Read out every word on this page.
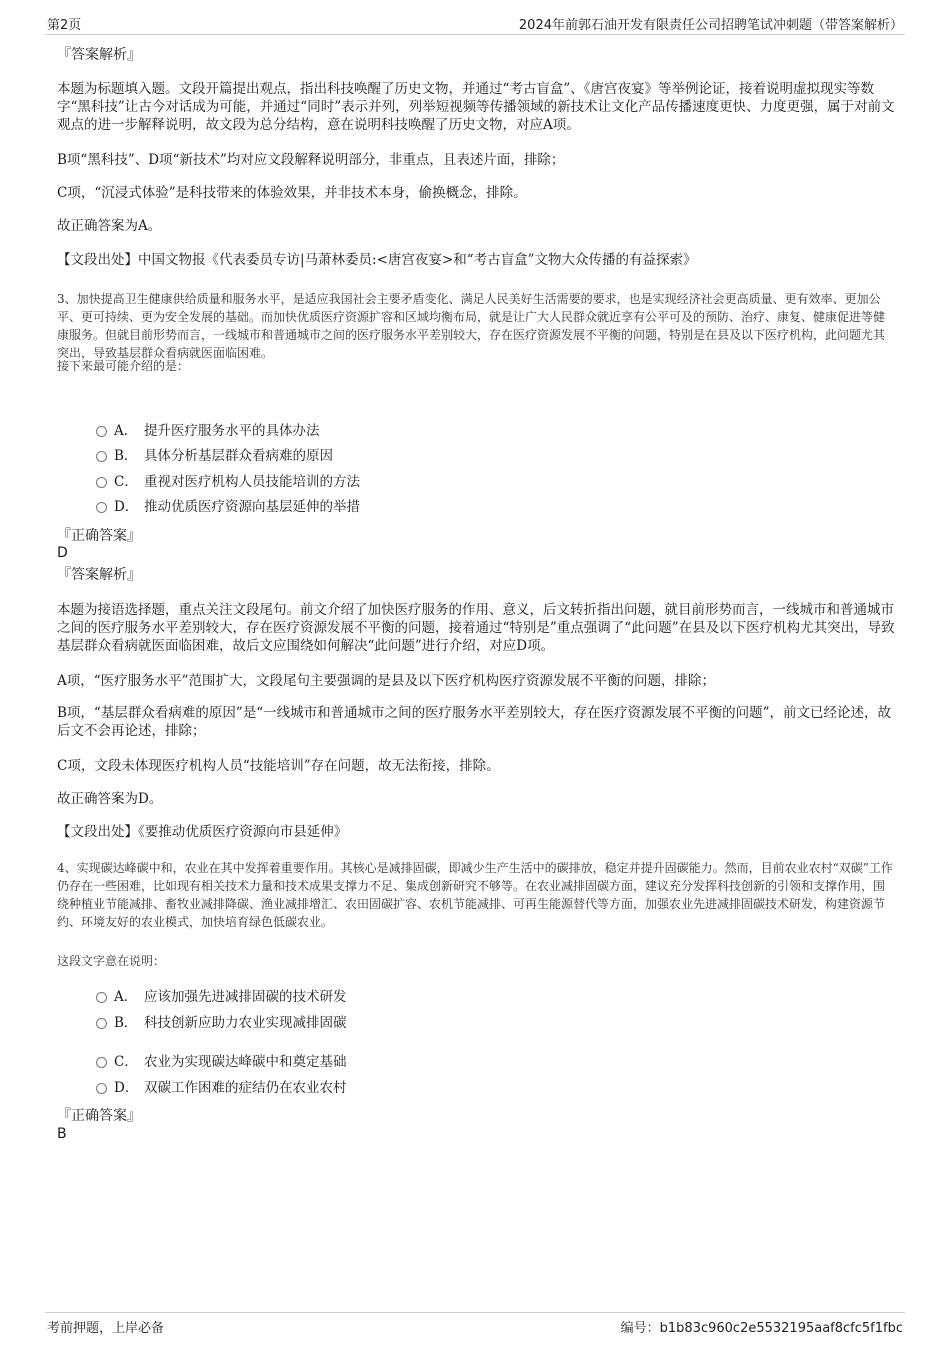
第2页	2024年前郭石油开发有限责任公司招聘笔试冲刺题（带答案解析）
『答案解析』
本题为标题填入题。文段开篇提出观点，指出科技唤醒了历史文物，并通过“考古盲盒”、《唐宫夜宴》等举例论证，接着说明虚拟现实等数字“黑科技”让古今对话成为可能，并通过“同时”表示并列，列举短视频等传播领域的新技术让文化产品传播速度更快、力度更强，属于对前文观点的进一步解释说明，故文段为总分结构，意在说明科技唤醒了历史文物，对应A项。
B项“黑科技”、D项“新技术”均对应文段解释说明部分，非重点，且表述片面，排除；
C项，“沉浸式体验”是科技带来的体验效果，并非技术本身，偷换概念，排除。
故正确答案为A。
【文段出处】中国文物报《代表委员专访|马萧林委员:<唐宫夜宴>和“考古盲盒”文物大众传播的有益探索》
3、加快提高卫生健康供给质量和服务水平，是适应我国社会主要矛盾变化、满足人民美好生活需要的要求，也是实现经济社会更高质量、更有效率、更加公平、更可持续、更为安全发展的基础。而加快优质医疗资源扩容和区域均衡布局，就是让广大人民群众就近享有公平可及的预防、治疗、康复、健康促进等健康服务。但就目前形势而言，一线城市和普通城市之间的医疗服务水平差别较大，存在医疗资源发展不平衡的问题，特别是在县及以下医疗机构，此问题尤其突出，导致基层群众看病就医面临困难。
接下来最可能介绍的是：
A． 提升医疗服务水平的具体办法
B． 具体分析基层群众看病难的原因
C． 重视对医疗机构人员技能培训的方法
D． 推动优质医疗资源向基层延伸的举措
『正确答案』
D
『答案解析』
本题为接语选择题，重点关注文段尾句。前文介绍了加快医疗服务的作用、意义，后文转折指出问题，就目前形势而言，一线城市和普通城市之间的医疗服务水平差别较大，存在医疗资源发展不平衡的问题，接着通过“特别是”重点强调了“此问题”在县及以下医疗机构尤其突出，导致基层群众看病就医面临困难，故后文应围绕如何解决“此问题”进行介绍，对应D项。
A项，“医疗服务水平”范围扩大，文段尾句主要强调的是县及以下医疗机构医疗资源发展不平衡的问题，排除；
B项，“基层群众看病难的原因”是“一线城市和普通城市之间的医疗服务水平差别较大，存在医疗资源发展不平衡的问题”，前文已经论述，故后文不会再论述，排除；
C项，文段未体现医疗机构人员“技能培训”存在问题，故无法衔接，排除。
故正确答案为D。
【文段出处】《要推动优质医疗资源向市县延伸》
4、实现碳达峰碳中和，农业在其中发挥着重要作用。其核心是减排固碳，即减少生产生活中的碳排放，稳定并提升固碳能力。然而，目前农业农村“双碳”工作仍存在一些困难，比如现有相关技术力量和技术成果支撑力不足、集成创新研究不够等。在农业减排固碳方面，建议充分发挥科技创新的引领和支撑作用，围绕种植业节能减排、畜牧业减排降碳、渔业减排增汇、农田固碳扩容、农机节能减排、可再生能源替代等方面，加强农业先进减排固碳技术研发，构建资源节约、环境友好的农业模式，加快培育绿色低碳农业。
这段文字意在说明：
A． 应该加强先进减排固碳的技术研发
B． 科技创新应助力农业实现减排固碳
C． 农业为实现碳达峰碳中和奠定基础
D． 双碳工作困难的症结仍在农业农村
『正确答案』
B
考前押题，上岸必备	编号：b1b83c960c2e5532195aaf8cfc5f1fbc
